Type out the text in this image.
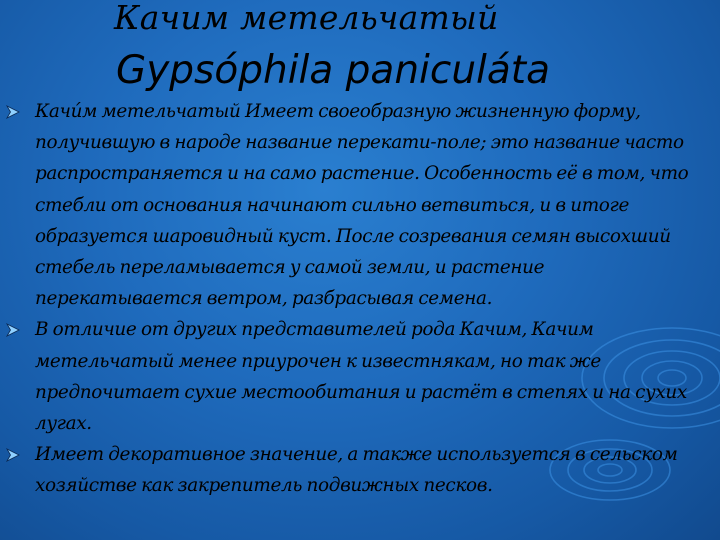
Качим метельчатый
Gypsóphila paniculáta
Качи́м метельчатый Имеет своеобразную жизненную форму, получившую в народе название перекати-поле; это название часто распространяется и на само растение. Особенность её в том, что стебли от основания начинают сильно ветвиться, и в итоге образуется шаровидный куст. После созревания семян высохший стебель переламывается у самой земли, и растение перекатывается ветром, разбрасывая семена.
В отличие от других представителей рода Качим, Качим метельчатый менее приурочен к известнякам, но так же предпочитает сухие местообитания и растёт в степях и на сухих лугах.
Имеет декоративное значение, а также используется в сельском хозяйстве как закрепитель подвижных песков.
